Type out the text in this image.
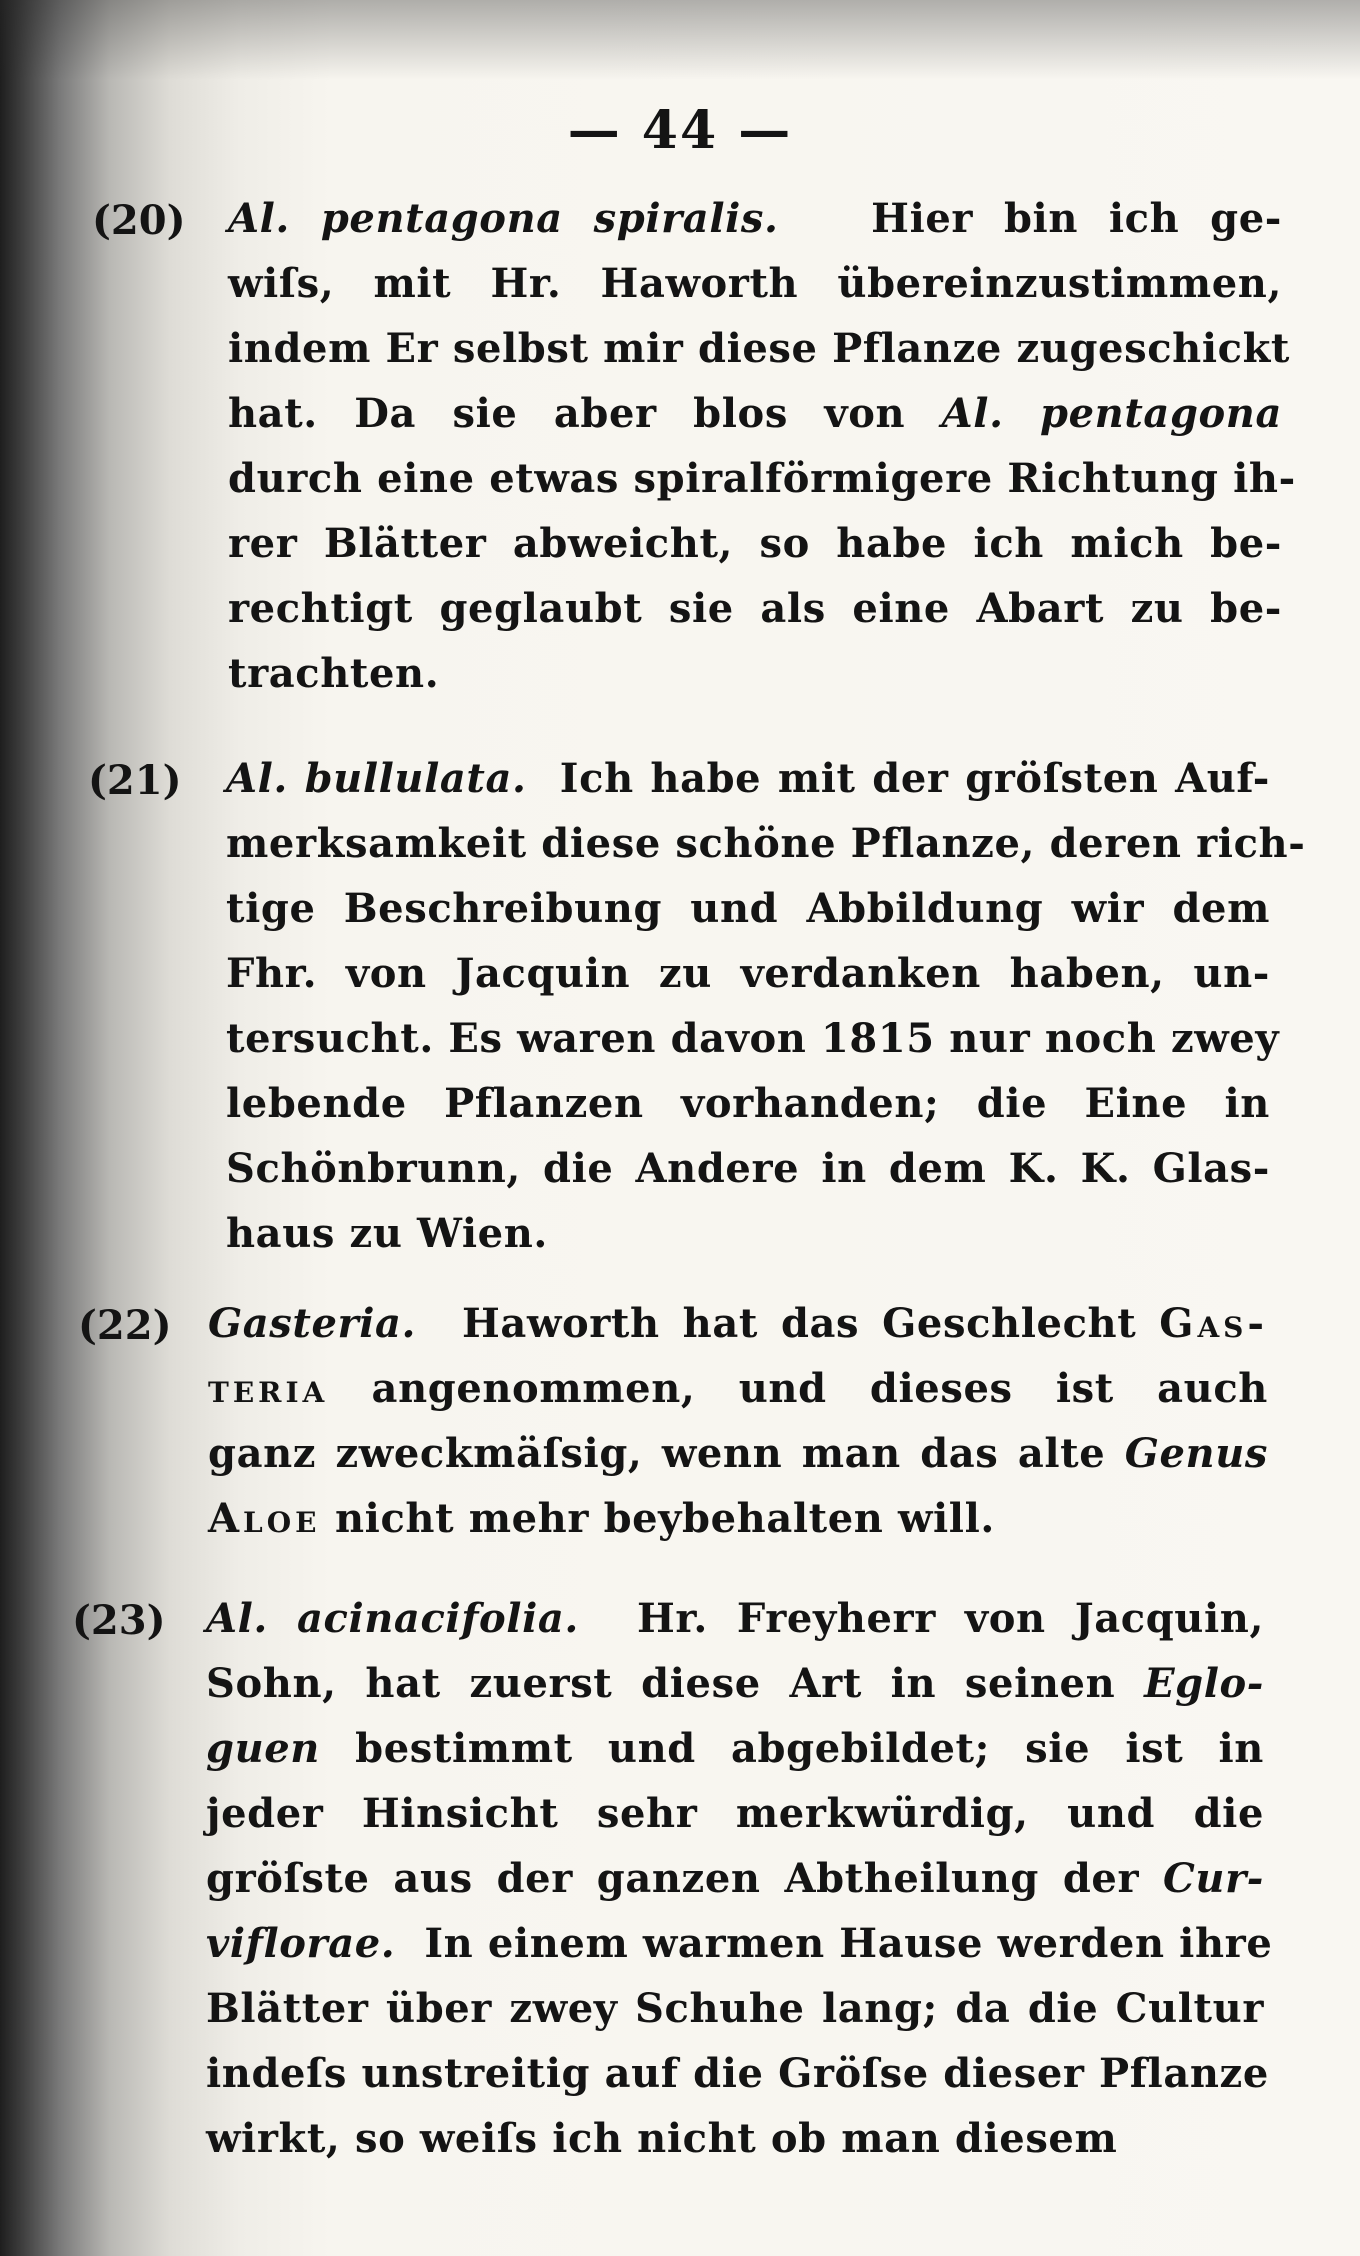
— 44 —
(20) Al. pentagona spiralis.   Hier bin ich ge-
wiſs, mit Hr. Haworth übereinzustimmen,
indem Er selbst mir diese Pflanze zugeschickt
hat. Da sie aber blos von Al. pentagona
durch eine etwas spiralförmigere Richtung ih-
rer Blätter abweicht, so habe ich mich be-
rechtigt geglaubt sie als eine Abart zu be-
trachten.
(21) Al. bullulata.  Ich habe mit der gröſsten Auf-
merksamkeit diese schöne Pflanze, deren rich-
tige Beschreibung und Abbildung wir dem
Fhr. von Jacquin zu verdanken haben, un-
tersucht. Es waren davon 1815 nur noch zwey
lebende Pflanzen vorhanden; die Eine in
Schönbrunn, die Andere in dem K. K. Glas-
haus zu Wien.
(22) Gasteria.  Haworth hat das Geschlecht Gas-
teria angenommen, und dieses ist auch
ganz zweckmäſsig, wenn man das alte Genus
Aloe nicht mehr beybehalten will.
(23) Al. acinacifolia.  Hr. Freyherr von Jacquin,
Sohn, hat zuerst diese Art in seinen Eglo-
guen bestimmt und abgebildet; sie ist in
jeder Hinsicht sehr merkwürdig, und die
gröſste aus der ganzen Abtheilung der Cur-
viflorae.  In einem warmen Hause werden ihre
Blätter über zwey Schuhe lang; da die Cultur
indeſs unstreitig auf die Gröſse dieser Pflanze
wirkt, so weiſs ich nicht ob man diesem
